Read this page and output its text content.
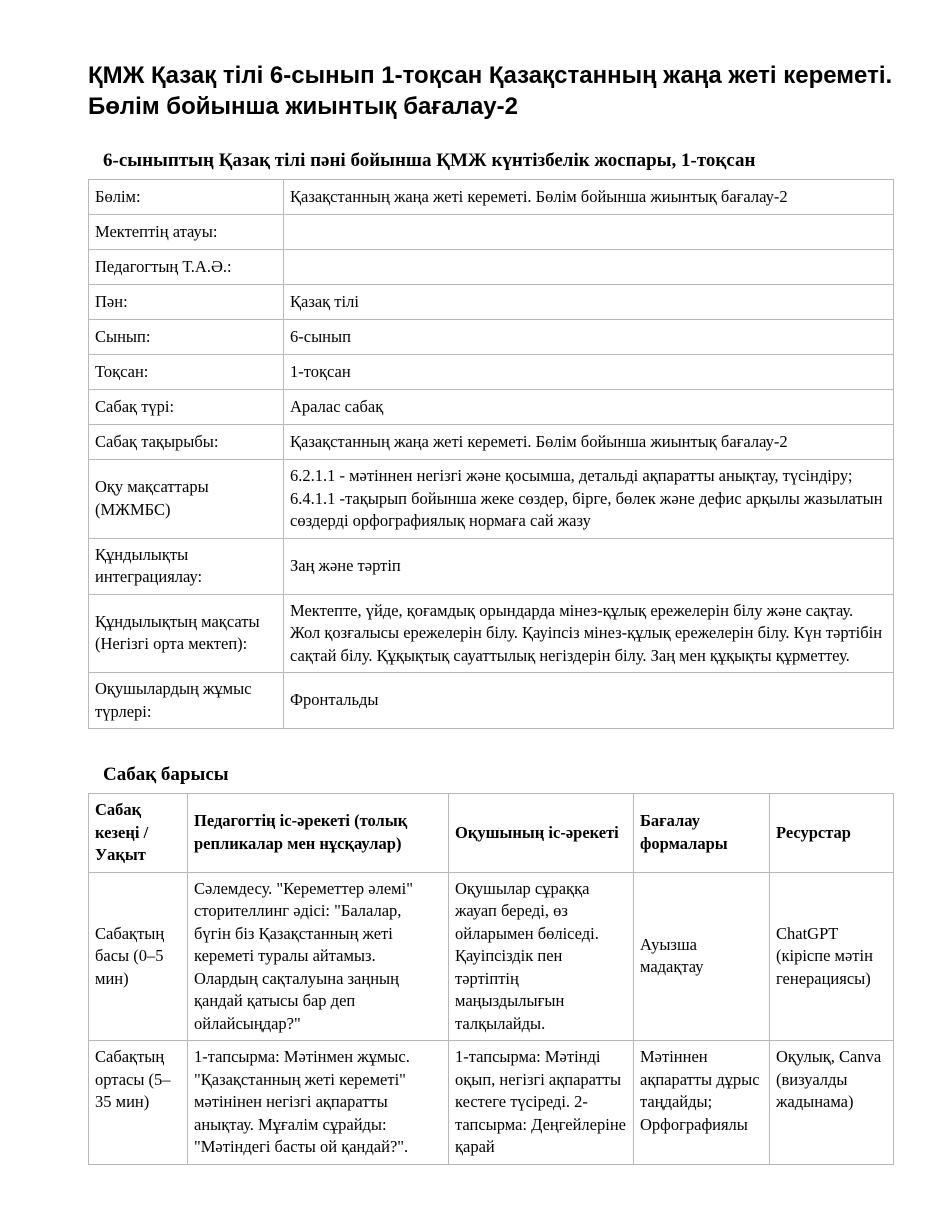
ҚМЖ Қазақ тілі 6-сынып 1-тоқсан Қазақстанның жаңа жеті кереметі. Бөлім бойынша жиынтық бағалау-2
6-сыныптың Қазақ тілі пәні бойынша ҚМЖ күнтізбелік жоспары, 1-тоқсан
Бөлім:	Қазақстанның жаңа жеті кереметі. Бөлім бойынша жиынтық бағалау-2
Мектептің атауы:	
Педагогтың Т.А.Ә.:	
Пән:	Қазақ тілі
Сынып:	6-сынып
Тоқсан:	1-тоқсан
Сабақ түрі:	Аралас сабақ
Сабақ тақырыбы:	Қазақстанның жаңа жеті кереметі. Бөлім бойынша жиынтық бағалау-2
Оқу мақсаттары (МЖМБС)	6.2.1.1 - мәтіннен негізгі және қосымша, детальді ақпаратты анықтау, түсіндіру; 6.4.1.1 -тақырып бойынша жеке сөздер, бірге, бөлек және дефис арқылы жазылатын сөздерді орфографиялық нормаға сай жазу
Құндылықты интеграциялау:	Заң және тәртіп
Құндылықтың мақсаты (Негізгі орта мектеп):	Мектепте, үйде, қоғамдық орындарда мінез-құлық ережелерін білу және сақтау. Жол қозғалысы ережелерін білу. Қауіпсіз мінез-құлық ережелерін білу. Күн тәртібін сақтай білу. Құқықтық сауаттылық негіздерін білу. Заң мен құқықты құрметтеу.
Оқушылардың жұмыс түрлері:	Фронтальды
Сабақ барысы
Сабақ кезеңі / Уақыт	Педагогтің іс-әрекеті (толық репликалар мен нұсқаулар)	Оқушының іс-әрекеті	Бағалау формалары	Ресурстар
Сабақтың басы (0–5 мин)	Сәлемдесу. "Кереметтер әлемі" сторителлинг әдісі: "Балалар, бүгін біз Қазақстанның жеті кереметі туралы айтамыз. Олардың сақталуына заңның қандай қатысы бар деп ойлайсыңдар?"	Оқушылар сұраққа жауап береді, өз ойларымен бөліседі. Қауіпсіздік пен тәртіптің маңыздылығын талқылайды.	Ауызша мадақтау	ChatGPT (кіріспе мәтін генерациясы)
Сабақтың ортасы (5–35 мин)	1-тапсырма: Мәтінмен жұмыс. "Қазақстанның жеті кереметі" мәтінінен негізгі ақпаратты анықтау. Мұғалім сұрайды: "Мәтіндегі басты ой қандай?".	1-тапсырма: Мәтінді оқып, негізгі ақпаратты кестеге түсіреді. 2-тапсырма: Деңгейлеріне қарай	Мәтіннен ақпаратты дұрыс таңдайды; Орфографиялы	Оқулық, Canva (визуалды жадынама)
